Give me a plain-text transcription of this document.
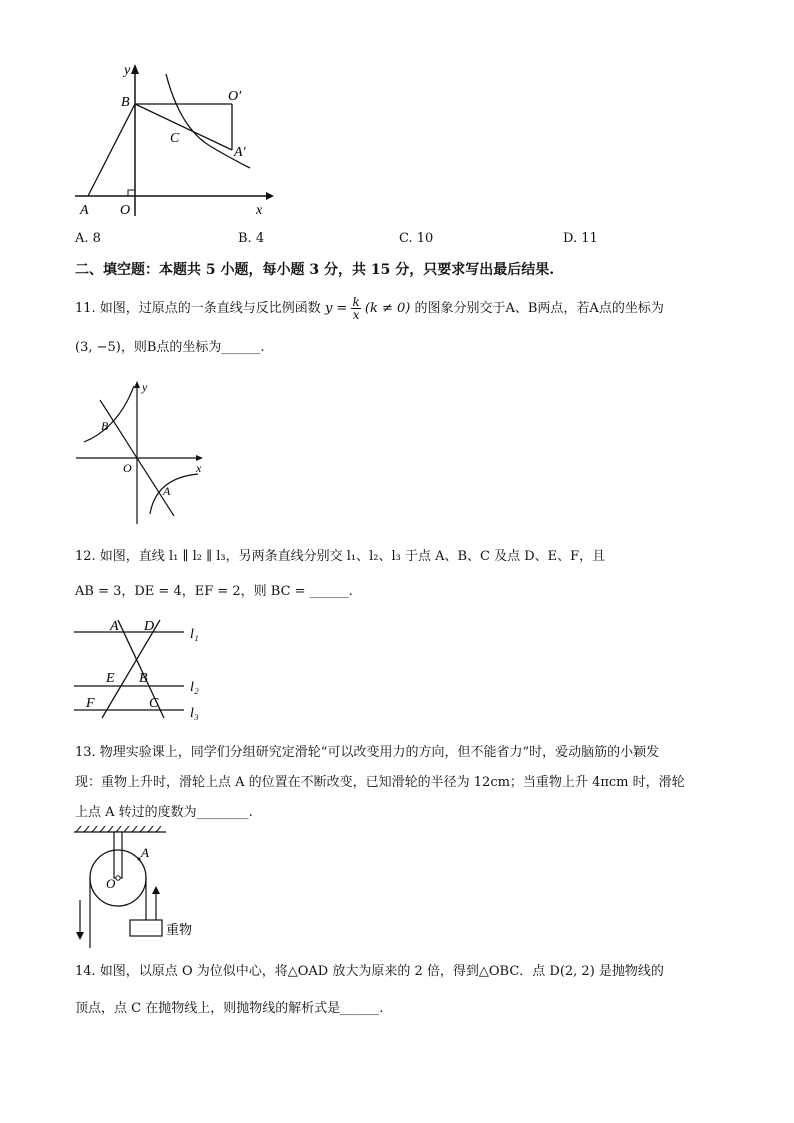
y
B	O′
C
A′
A O	x
A. 8	B. 4	C. 10	D. 11
二、填空题：本题共 5 小题，每小题 3 分，共 15 分，只要求写出最后结果.
11. 如图，过原点的一条直线与反比例函数 $y = \frac{k}{x} (k \ne 0)$ 的图象分别交于A、B两点，若A点的坐标为
(3, −5)，则B点的坐标为______.
y
B
O	x
A
12. 如图，直线 l₁ ∥ l₂ ∥ l₃，另两条直线分别交 l₁、l₂、l₃ 于点 A、B、C 及点 D、E、F，且
AB = 3，DE = 4，EF = 2，则 BC = ______.
A D
l₁
E B
l₂
F	C
l₃
13. 物理实验课上，同学们分组研究定滑轮“可以改变用力的方向，但不能省力”时，爱动脑筋的小颖发
现：重物上升时，滑轮上点 A 的位置在不断改变，已知滑轮的半径为 12cm；当重物上升 4πcm 时，滑轮
上点 A 转过的度数为________.
重物
A
O
14. 如图，以原点 O 为位似中心，将△OAD 放大为原来的 2 倍，得到△OBC．点 D(2, 2) 是抛物线的
顶点，点 C 在抛物线上，则抛物线的解析式是______.
